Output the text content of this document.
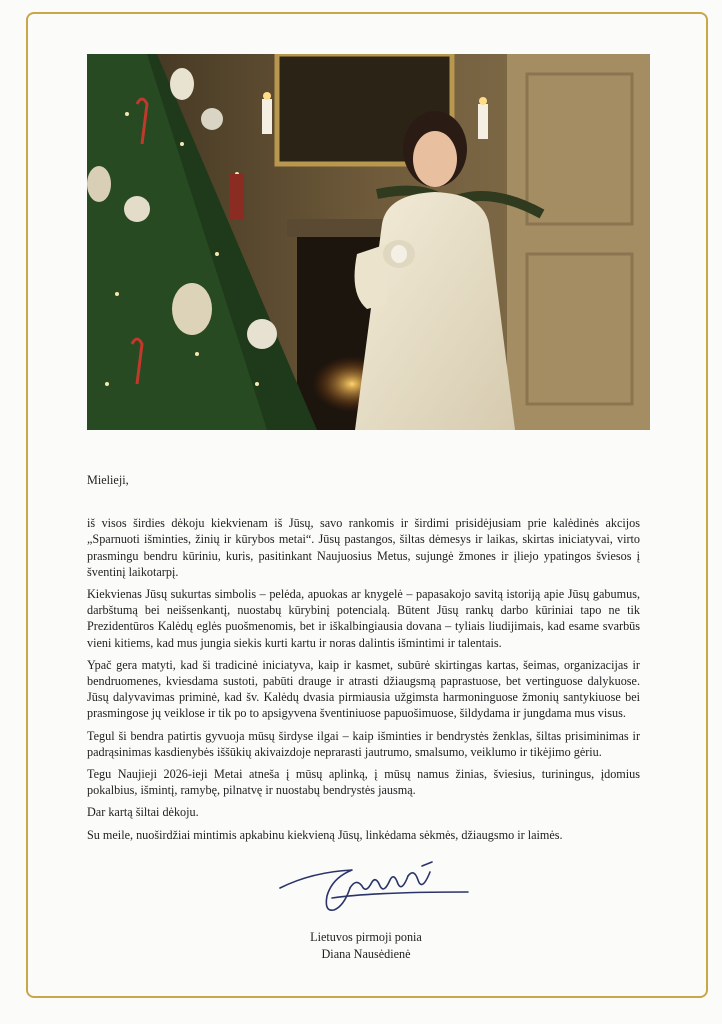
Mielieji,

iš visos širdies dėkoju kiekvienam iš Jūsų, savo rankomis ir širdimi prisidėjusiam prie kalėdinės akcijos „Sparnuoti išminties, žinių ir kūrybos metai“. Jūsų pastangos, šiltas dėmesys ir laikas, skirtas iniciatyvai, virto prasmingu bendru kūriniu, kuris, pasitinkant Naujuosius Metus, sujungė žmones ir įliejo ypatingos šviesos į šventinį laikotarpį.

Kiekvienas Jūsų sukurtas simbolis – pelėda, apuokas ar knygelė – papasakojo savitą istoriją apie Jūsų gabumus, darbštumą bei neišsenkantį, nuostabų kūrybinį potencialą. Būtent Jūsų rankų darbo kūriniai tapo ne tik Prezidentūros Kalėdų eglės puošmenomis, bet ir iškalbingiausia dovana – tyliais liudijimais, kad esame svarbūs vieni kitiems, kad mus jungia siekis kurti kartu ir noras dalintis išmintimi ir talentais.

Ypač gera matyti, kad ši tradicinė iniciatyva, kaip ir kasmet, subūrė skirtingas kartas, šeimas, organizacijas ir bendruomenes, kviesdama sustoti, pabūti drauge ir atrasti džiaugsmą paprastuose, bet vertinguose dalykuose. Jūsų dalyvavimas priminė, kad šv. Kalėdų dvasia pirmiausia užgimsta harmoninguose žmonių santykiuose bei prasmingose jų veiklose ir tik po to apsigyvena šventiniuose papuošimuose, šildydama ir jungdama mus visus.

Tegul ši bendra patirtis gyvuoja mūsų širdyse ilgai – kaip išminties ir bendrystės ženklas, šiltas prisiminimas ir padrąsinimas kasdienybės iššūkių akivaizdoje neprarasti jautrumo, smalsumo, veiklumo ir tikėjimo gėriu.

Tegu Naujieji 2026-ieji Metai atneša į mūsų aplinką, į mūsų namus žinias, šviesius, turiningus, įdomius pokalbius, išmintį, ramybę, pilnatvę ir nuostabų bendrystės jausmą.

Dar kartą šiltai dėkoju.

Su meile, nuoširdžiai mintimis apkabinu kiekvieną Jūsų, linkėdama sėkmės, džiaugsmo ir laimės.

Lietuvos pirmoji ponia
Diana Nausėdienė
